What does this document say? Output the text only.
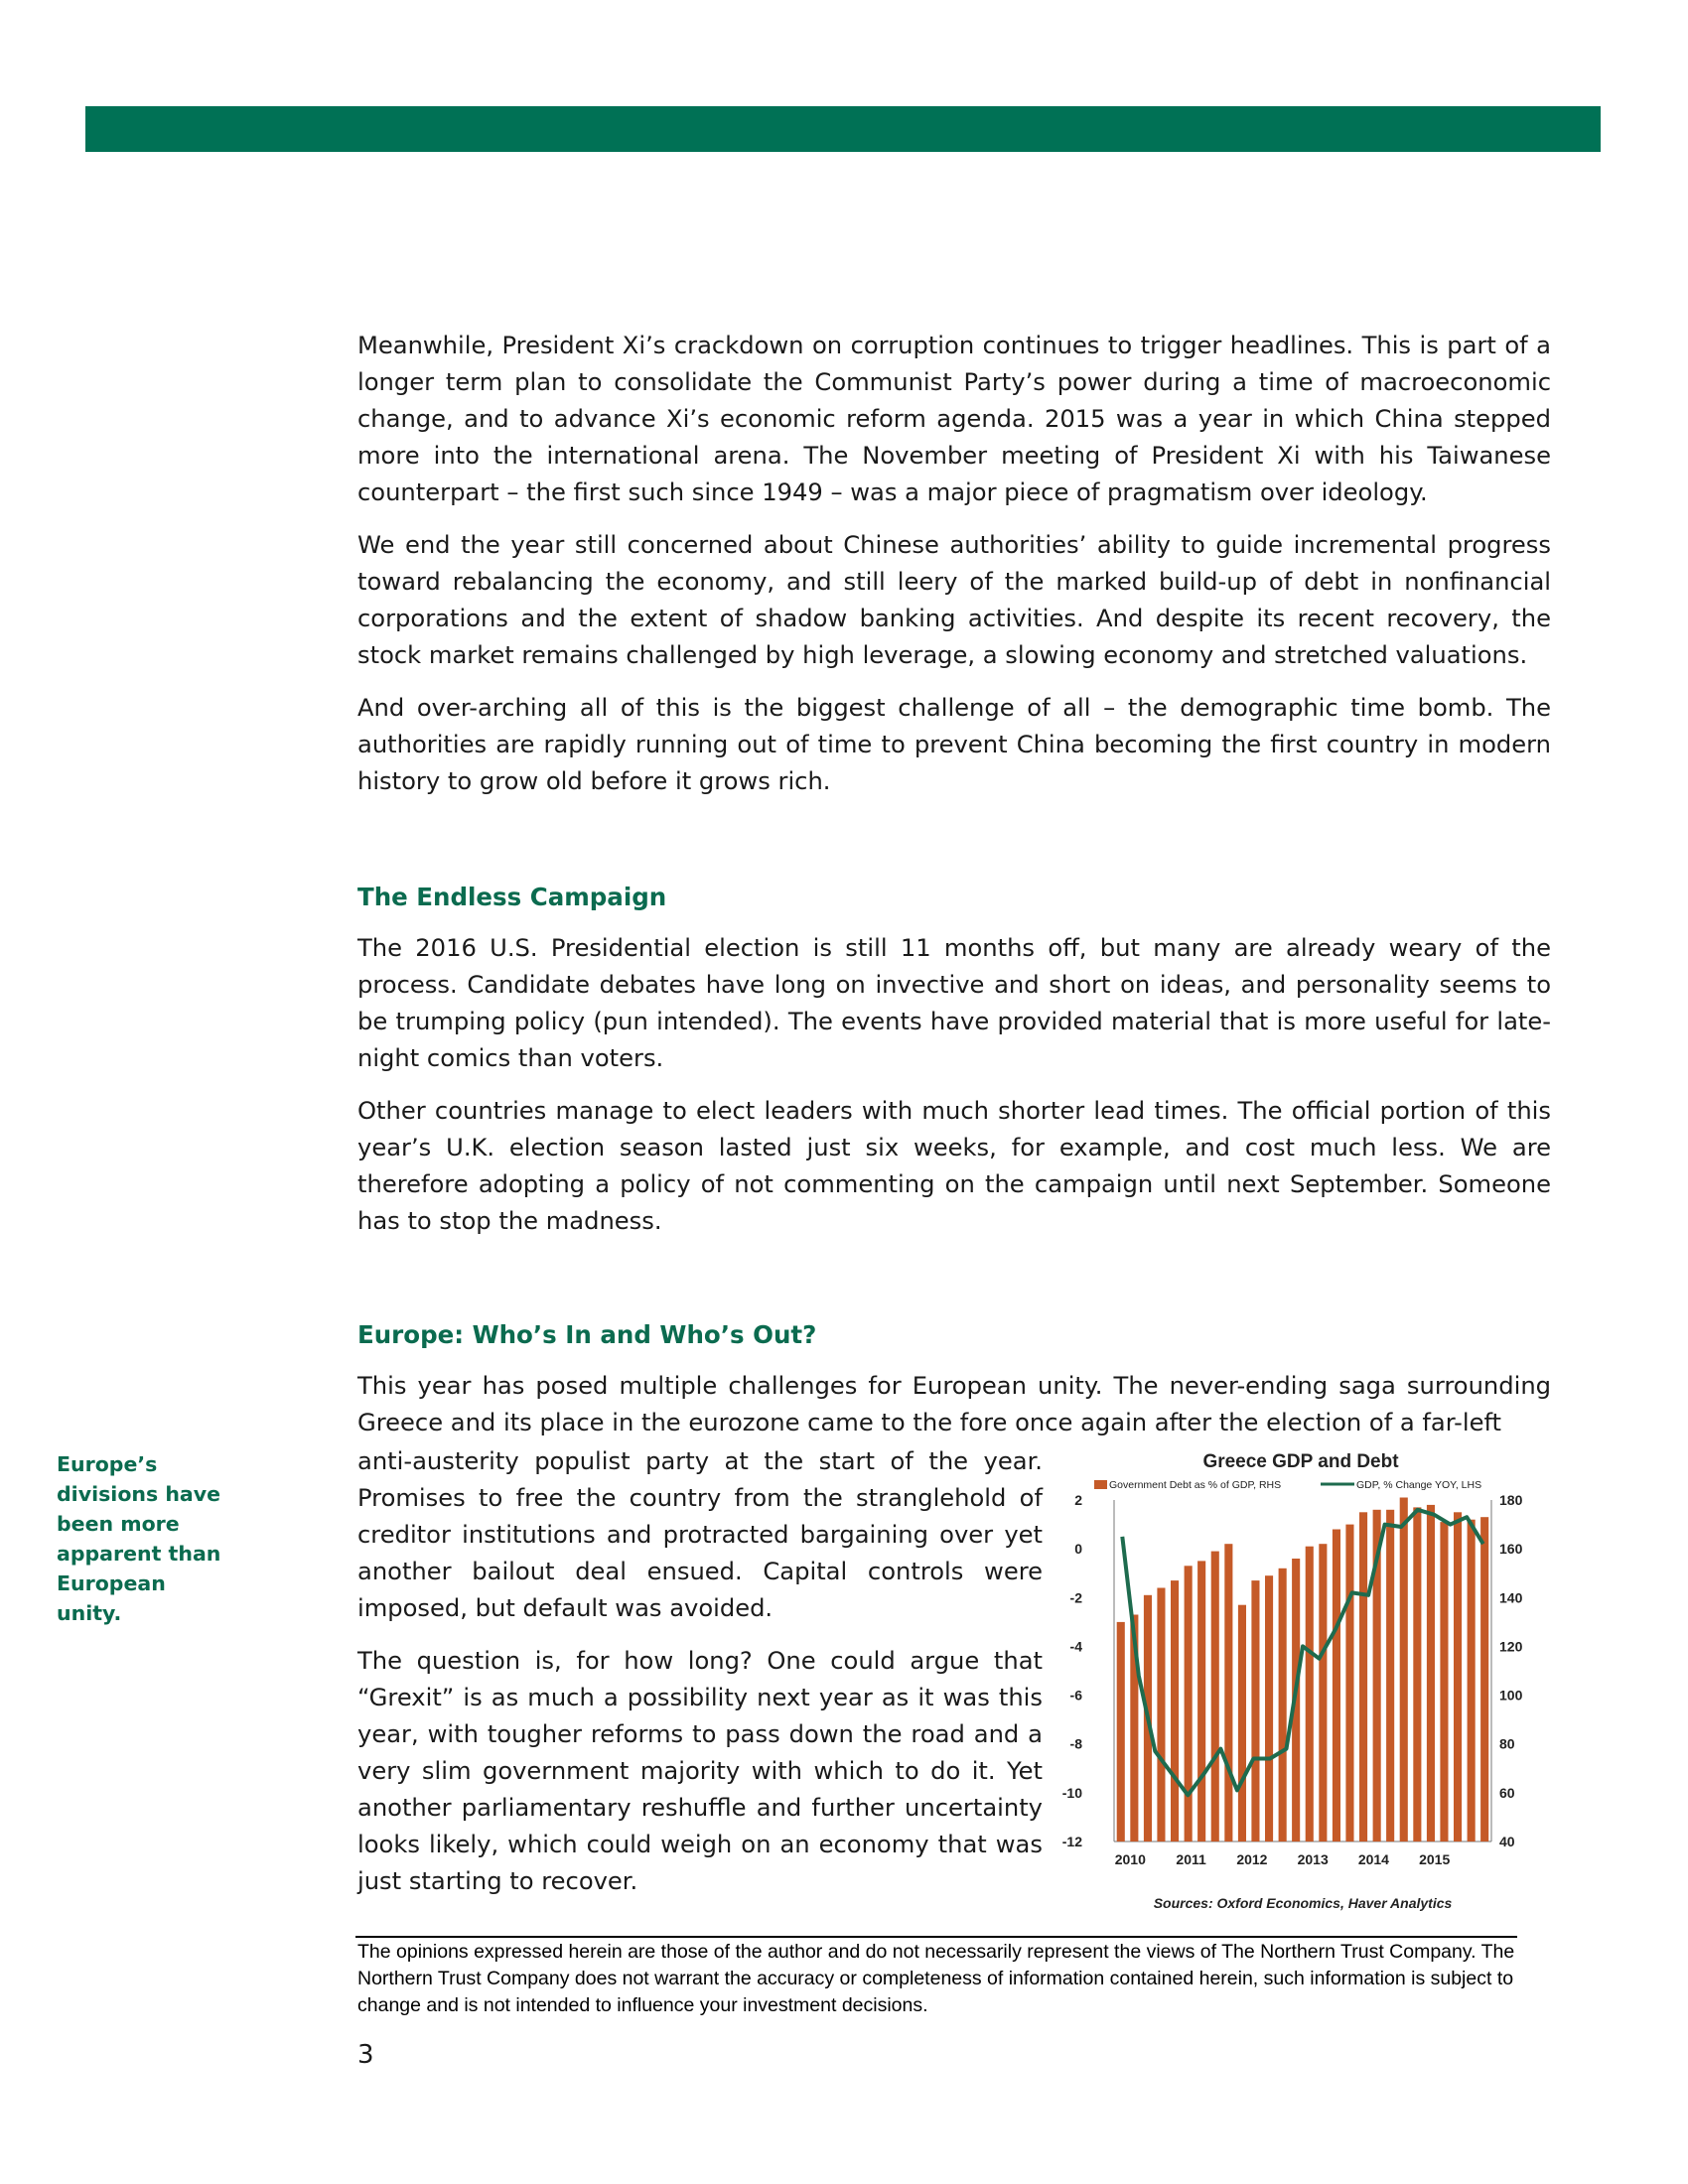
Meanwhile, President Xi’s crackdown on corruption continues to trigger headlines. This is part of a longer term plan to consolidate the Communist Party’s power during a time of macroeconomic change, and to advance Xi’s economic reform agenda. 2015 was a year in which China stepped more into the international arena. The November meeting of President Xi with his Taiwanese counterpart – the first such since 1949 – was a major piece of pragmatism over ideology.

We end the year still concerned about Chinese authorities’ ability to guide incremental progress toward rebalancing the economy, and still leery of the marked build-up of debt in nonfinancial corporations and the extent of shadow banking activities. And despite its recent recovery, the stock market remains challenged by high leverage, a slowing economy and stretched valuations.

And over-arching all of this is the biggest challenge of all – the demographic time bomb. The authorities are rapidly running out of time to prevent China becoming the first country in modern history to grow old before it grows rich.

The Endless Campaign

The 2016 U.S. Presidential election is still 11 months off, but many are already weary of the process. Candidate debates have long on invective and short on ideas, and personality seems to be trumping policy (pun intended). The events have provided material that is more useful for late-night comics than voters.

Other countries manage to elect leaders with much shorter lead times. The official portion of this year’s U.K. election season lasted just six weeks, for example, and cost much less. We are therefore adopting a policy of not commenting on the campaign until next September. Someone has to stop the madness.

Europe: Who’s In and Who’s Out?

This year has posed multiple challenges for European unity. The never-ending saga surrounding Greece and its place in the eurozone came to the fore once again after the election of a far-left

anti-austerity populist party at the start of the year. Promises to free the country from the stranglehold of creditor institutions and protracted bargaining over yet another bailout deal ensued. Capital controls were imposed, but default was avoided.

The question is, for how long? One could argue that “Grexit” is as much a possibility next year as it was this year, with tougher reforms to pass down the road and a very slim government majority with which to do it. Yet another parliamentary reshuffle and further uncertainty looks likely, which could weigh on an economy that was just starting to recover.

Europe’s divisions have been more apparent than European unity.
Greece GDP and Debt
Government Debt as % of GDP, RHS	GDP, % Change YOY, LHS
2
0
-2
-4
-6
-8
-10
-12
180
160
140
120
100
80
60
40
2010 2011 2012 2013 2014 2015
Sources: Oxford Economics, Haver Analytics
The opinions expressed herein are those of the author and do not necessarily represent the views of The Northern Trust Company. The Northern Trust Company does not warrant the accuracy or completeness of information contained herein, such information is subject to change and is not intended to influence your investment decisions.
3
